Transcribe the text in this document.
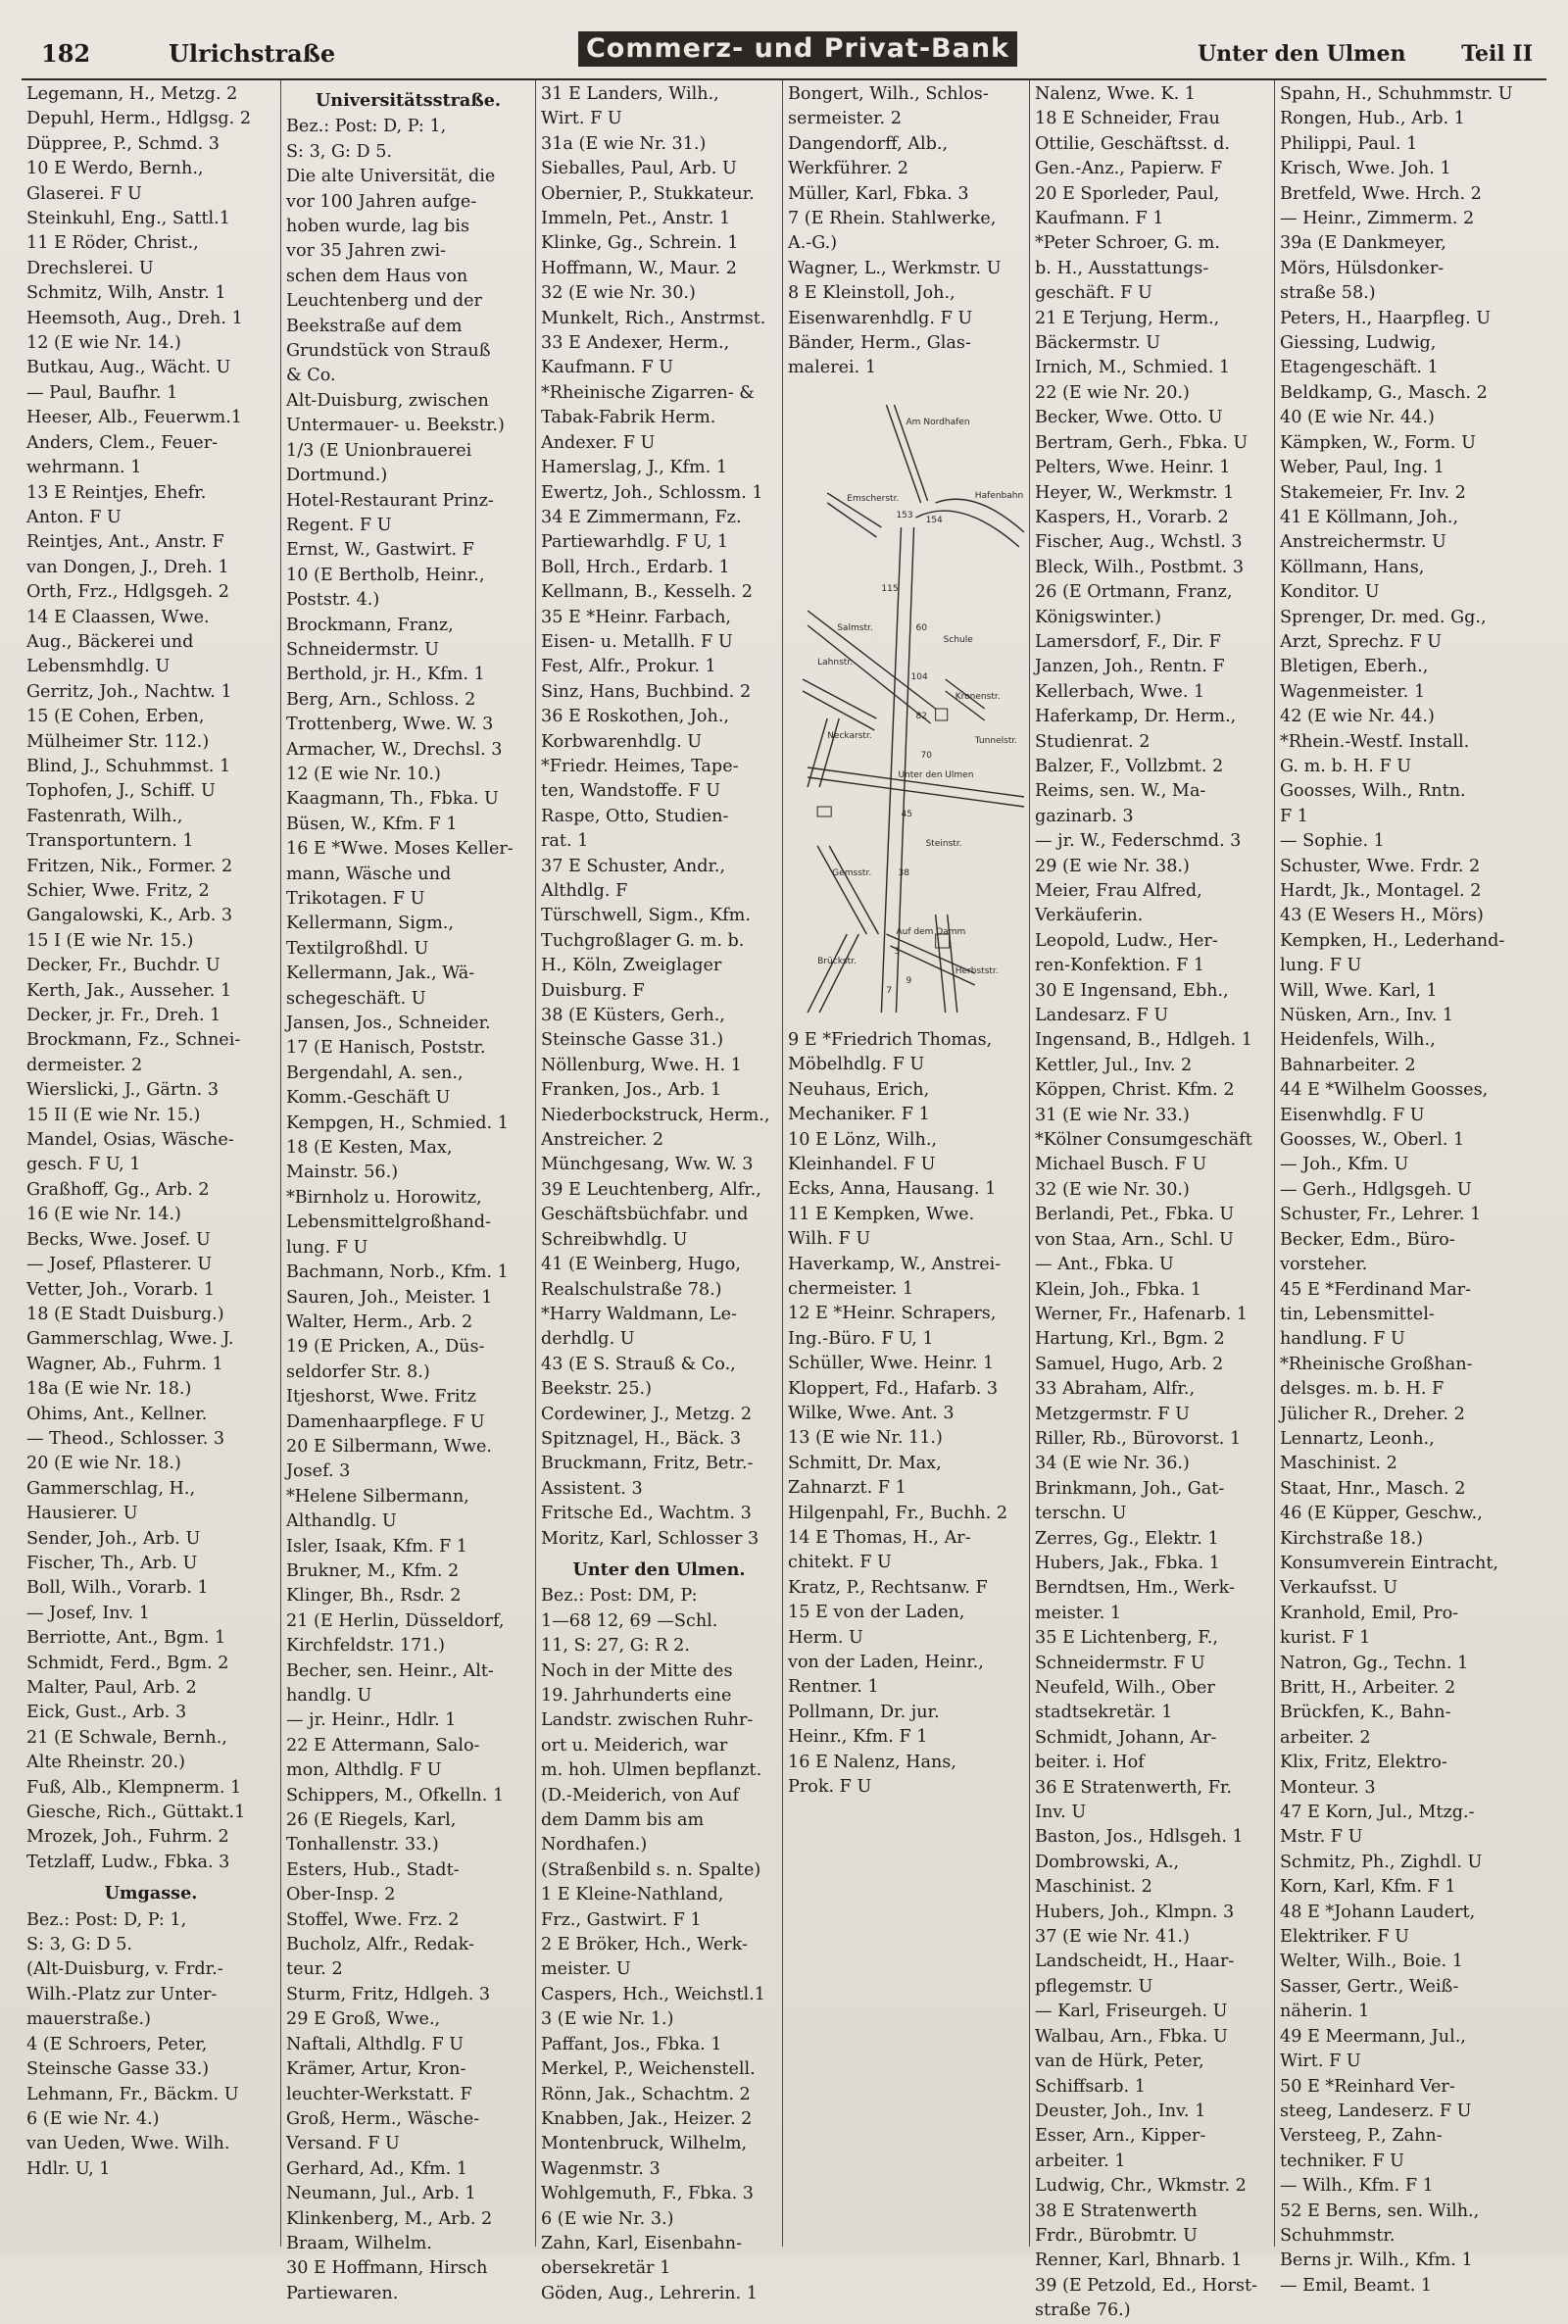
182	Ulrichstraße	Commerz- und Privat-Bank	Unter den Ulmen	Teil II
Legemann, H., Metzg. 2
Depuhl, Herm., Hdlgsg. 2
Düppree, P., Schmd. 3
10 E Werdo, Bernh.,
Glaserei. F U
Steinkuhl, Eng., Sattl.1
11 E Röder, Christ.,
Drechslerei. U
Schmitz, Wilh, Anstr. 1
Heemsoth, Aug., Dreh. 1
12 (E wie Nr. 14.)
Butkau, Aug., Wächt. U
— Paul, Baufhr. 1
Heeser, Alb., Feuerwm.1
Anders, Clem., Feuer-
wehrmann. 1
13 E Reintjes, Ehefr.
Anton. F U
Reintjes, Ant., Anstr. F
van Dongen, J., Dreh. 1
Orth, Frz., Hdlgsgeh. 2
14 E Claassen, Wwe.
Aug., Bäckerei und
Lebensmhdlg. U
Gerritz, Joh., Nachtw. 1
15 (E Cohen, Erben,
Mülheimer Str. 112.)
Blind, J., Schuhmmst. 1
Tophofen, J., Schiff. U
Fastenrath, Wilh.,
Transportuntern. 1
Fritzen, Nik., Former. 2
Schier, Wwe. Fritz, 2
Gangalowski, K., Arb. 3
15 I (E wie Nr. 15.)
Decker, Fr., Buchdr. U
Kerth, Jak., Ausseher. 1
Decker, jr. Fr., Dreh. 1
Brockmann, Fz., Schnei-
dermeister. 2
Wierslicki, J., Gärtn. 3
15 II (E wie Nr. 15.)
Mandel, Osias, Wäsche-
gesch. F U, 1
Graßhoff, Gg., Arb. 2
16 (E wie Nr. 14.)
Becks, Wwe. Josef. U
— Josef, Pflasterer. U
Vetter, Joh., Vorarb. 1
18 (E Stadt Duisburg.)
Gammerschlag, Wwe. J.
Wagner, Ab., Fuhrm. 1
18a (E wie Nr. 18.)
Ohims, Ant., Kellner.
— Theod., Schlosser. 3
20 (E wie Nr. 18.)
Gammerschlag, H.,
Hausierer. U
Sender, Joh., Arb. U
Fischer, Th., Arb. U
Boll, Wilh., Vorarb. 1
— Josef, Inv. 1
Berriotte, Ant., Bgm. 1
Schmidt, Ferd., Bgm. 2
Malter, Paul, Arb. 2
Eick, Gust., Arb. 3
21 (E Schwale, Bernh.,
Alte Rheinstr. 20.)
Fuß, Alb., Klempnerm. 1
Giesche, Rich., Güttakt.1
Mrozek, Joh., Fuhrm. 2
Tetzlaff, Ludw., Fbka. 3
Umgasse.
Bez.: Post: D, P: 1,
S: 3, G: D 5.
(Alt-Duisburg, v. Frdr.-
Wilh.-Platz zur Unter-
mauerstraße.)
4 (E Schroers, Peter,
Steinsche Gasse 33.)
Lehmann, Fr., Bäckm. U
6 (E wie Nr. 4.)
van Ueden, Wwe. Wilh.
Hdlr. U, 1
Universitätsstraße.
Bez.: Post: D, P: 1,
S: 3, G: D 5.
Die alte Universität, die
vor 100 Jahren aufge-
hoben wurde, lag bis
vor 35 Jahren zwi-
schen dem Haus von
Leuchtenberg und der
Beekstraße auf dem
Grundstück von Strauß
& Co.
Alt-Duisburg, zwischen
Untermauer- u. Beekstr.)
1/3 (E Unionbrauerei
Dortmund.)
Hotel-Restaurant Prinz-
Regent. F U
Ernst, W., Gastwirt. F
10 (E Bertholb, Heinr.,
Poststr. 4.)
Brockmann, Franz,
Schneidermstr. U
Berthold, jr. H., Kfm. 1
Berg, Arn., Schloss. 2
Trottenberg, Wwe. W. 3
Armacher, W., Drechsl. 3
12 (E wie Nr. 10.)
Kaagmann, Th., Fbka. U
Büsen, W., Kfm. F 1
16 E *Wwe. Moses Keller-
mann, Wäsche und
Trikotagen. F U
Kellermann, Sigm.,
Textilgroßhdl. U
Kellermann, Jak., Wä-
schegeschäft. U
Jansen, Jos., Schneider.
17 (E Hanisch, Poststr.
Bergendahl, A. sen.,
Komm.-Geschäft U
Kempgen, H., Schmied. 1
18 (E Kesten, Max,
Mainstr. 56.)
*Birnholz u. Horowitz,
Lebensmittelgroßhand-
lung. F U
Bachmann, Norb., Kfm. 1
Sauren, Joh., Meister. 1
Walter, Herm., Arb. 2
19 (E Pricken, A., Düs-
seldorfer Str. 8.)
Itjeshorst, Wwe. Fritz
Damenhaarpflege. F U
20 E Silbermann, Wwe.
Josef. 3
*Helene Silbermann,
Althandlg. U
Isler, Isaak, Kfm. F 1
Brukner, M., Kfm. 2
Klinger, Bh., Rsdr. 2
21 (E Herlin, Düsseldorf,
Kirchfeldstr. 171.)
Becher, sen. Heinr., Alt-
handlg. U
— jr. Heinr., Hdlr. 1
22 E Attermann, Salo-
mon, Althdlg. F U
Schippers, M., Ofkelln. 1
26 (E Riegels, Karl,
Tonhallenstr. 33.)
Esters, Hub., Stadt-
Ober-Insp. 2
Stoffel, Wwe. Frz. 2
Bucholz, Alfr., Redak-
teur. 2
Sturm, Fritz, Hdlgeh. 3
29 E Groß, Wwe.,
Naftali, Althdlg. F U
Krämer, Artur, Kron-
leuchter-Werkstatt. F
Groß, Herm., Wäsche-
Versand. F U
Gerhard, Ad., Kfm. 1
Neumann, Jul., Arb. 1
Klinkenberg, M., Arb. 2
Braam, Wilhelm.
30 E Hoffmann, Hirsch
Partiewaren.
31 E Landers, Wilh.,
Wirt. F U
31a (E wie Nr. 31.)
Sieballes, Paul, Arb. U
Obernier, P., Stukkateur.
Immeln, Pet., Anstr. 1
Klinke, Gg., Schrein. 1
Hoffmann, W., Maur. 2
32 (E wie Nr. 30.)
Munkelt, Rich., Anstrmst.
33 E Andexer, Herm.,
Kaufmann. F U
*Rheinische Zigarren- &
Tabak-Fabrik Herm.
Andexer. F U
Hamerslag, J., Kfm. 1
Ewertz, Joh., Schlossm. 1
34 E Zimmermann, Fz.
Partiewarhdlg. F U, 1
Boll, Hrch., Erdarb. 1
Kellmann, B., Kesselh. 2
35 E *Heinr. Farbach,
Eisen- u. Metallh. F U
Fest, Alfr., Prokur. 1
Sinz, Hans, Buchbind. 2
36 E Roskothen, Joh.,
Korbwarenhdlg. U
*Friedr. Heimes, Tape-
ten, Wandstoffe. F U
Raspe, Otto, Studien-
rat. 1
37 E Schuster, Andr.,
Althdlg. F
Türschwell, Sigm., Kfm.
Tuchgroßlager G. m. b.
H., Köln, Zweiglager
Duisburg. F
38 (E Küsters, Gerh.,
Steinsche Gasse 31.)
Nöllenburg, Wwe. H. 1
Franken, Jos., Arb. 1
Niederbockstruck, Herm.,
Anstreicher. 2
Münchgesang, Ww. W. 3
39 E Leuchtenberg, Alfr.,
Geschäftsbüchfabr. und
Schreibwhdlg. U
41 (E Weinberg, Hugo,
Realschulstraße 78.)
*Harry Waldmann, Le-
derhdlg. U
43 (E S. Strauß & Co.,
Beekstr. 25.)
Cordewiner, J., Metzg. 2
Spitznagel, H., Bäck. 3
Bruckmann, Fritz, Betr.-
Assistent. 3
Fritsche Ed., Wachtm. 3
Moritz, Karl, Schlosser 3
Unter den Ulmen.
Bez.: Post: DM, P:
1—68 12, 69 —Schl.
11, S: 27, G: R 2.
Noch in der Mitte des
19. Jahrhunderts eine
Landstr. zwischen Ruhr-
ort u. Meiderich, war
m. hoh. Ulmen bepflanzt.
(D.-Meiderich, von Auf
dem Damm bis am
Nordhafen.)
(Straßenbild s. n. Spalte)
1 E Kleine-Nathland,
Frz., Gastwirt. F 1
2 E Bröker, Hch., Werk-
meister. U
Caspers, Hch., Weichstl.1
3 (E wie Nr. 1.)
Paffant, Jos., Fbka. 1
Merkel, P., Weichenstell.
Rönn, Jak., Schachtm. 2
Knabben, Jak., Heizer. 2
Montenbruck, Wilhelm,
Wagenmstr. 3
Wohlgemuth, F., Fbka. 3
6 (E wie Nr. 3.)
Zahn, Karl, Eisenbahn-
obersekretär 1
Göden, Aug., Lehrerin. 1
Bongert, Wilh., Schlos-
sermeister. 2
Dangendorff, Alb.,
Werkführer. 2
Müller, Karl, Fbka. 3
7 (E Rhein. Stahlwerke,
A.-G.)
Wagner, L., Werkmstr. U
8 E Kleinstoll, Joh.,
Eisenwarenhdlg. F U
Bänder, Herm., Glas-
malerei. 1
Am Nordhafen
Hafenbahn
Emscherstr.
Salmstr.
Schule
Kronenstr.
Unter den Ulmen
Tunnelstr.
Lahnstr.
Neckarstr.
Steinstr.
Gemsstr.
Brückstr.
Auf dem Damm
Herbststr.
153
154
115
60
104
82
70
45
38
3
9
7
9 E *Friedrich Thomas,
Möbelhdlg. F U
Neuhaus, Erich,
Mechaniker. F 1
10 E Lönz, Wilh.,
Kleinhandel. F U
Ecks, Anna, Hausang. 1
11 E Kempken, Wwe.
Wilh. F U
Haverkamp, W., Anstrei-
chermeister. 1
12 E *Heinr. Schrapers,
Ing.-Büro. F U, 1
Schüller, Wwe. Heinr. 1
Kloppert, Fd., Hafarb. 3
Wilke, Wwe. Ant. 3
13 (E wie Nr. 11.)
Schmitt, Dr. Max,
Zahnarzt. F 1
Hilgenpahl, Fr., Buchh. 2
14 E Thomas, H., Ar-
chitekt. F U
Kratz, P., Rechtsanw. F
15 E von der Laden,
Herm. U
von der Laden, Heinr.,
Rentner. 1
Pollmann, Dr. jur.
Heinr., Kfm. F 1
16 E Nalenz, Hans,
Prok. F U
Nalenz, Wwe. K. 1
18 E Schneider, Frau
Ottilie, Geschäftsst. d.
Gen.-Anz., Papierw. F
20 E Sporleder, Paul,
Kaufmann. F 1
*Peter Schroer, G. m.
b. H., Ausstattungs-
geschäft. F U
21 E Terjung, Herm.,
Bäckermstr. U
Irnich, M., Schmied. 1
22 (E wie Nr. 20.)
Becker, Wwe. Otto. U
Bertram, Gerh., Fbka. U
Pelters, Wwe. Heinr. 1
Heyer, W., Werkmstr. 1
Kaspers, H., Vorarb. 2
Fischer, Aug., Wchstl. 3
Bleck, Wilh., Postbmt. 3
26 (E Ortmann, Franz,
Königswinter.)
Lamersdorf, F., Dir. F
Janzen, Joh., Rentn. F
Kellerbach, Wwe. 1
Haferkamp, Dr. Herm.,
Studienrat. 2
Balzer, F., Vollzbmt. 2
Reims, sen. W., Ma-
gazinarb. 3
— jr. W., Federschmd. 3
29 (E wie Nr. 38.)
Meier, Frau Alfred,
Verkäuferin.
Leopold, Ludw., Her-
ren-Konfektion. F 1
30 E Ingensand, Ebh.,
Landesarz. F U
Ingensand, B., Hdlgeh. 1
Kettler, Jul., Inv. 2
Köppen, Christ. Kfm. 2
31 (E wie Nr. 33.)
*Kölner Consumgeschäft
Michael Busch. F U
32 (E wie Nr. 30.)
Berlandi, Pet., Fbka. U
von Staa, Arn., Schl. U
— Ant., Fbka. U
Klein, Joh., Fbka. 1
Werner, Fr., Hafenarb. 1
Hartung, Krl., Bgm. 2
Samuel, Hugo, Arb. 2
33 Abraham, Alfr.,
Metzgermstr. F U
Riller, Rb., Bürovorst. 1
34 (E wie Nr. 36.)
Brinkmann, Joh., Gat-
terschn. U
Zerres, Gg., Elektr. 1
Hubers, Jak., Fbka. 1
Berndtsen, Hm., Werk-
meister. 1
35 E Lichtenberg, F.,
Schneidermstr. F U
Neufeld, Wilh., Ober
stadtsekretär. 1
Schmidt, Johann, Ar-
beiter. i. Hof
36 E Stratenwerth, Fr.
Inv. U
Baston, Jos., Hdlsgeh. 1
Dombrowski, A.,
Maschinist. 2
Hubers, Joh., Klmpn. 3
37 (E wie Nr. 41.)
Landscheidt, H., Haar-
pflegemstr. U
— Karl, Friseurgeh. U
Walbau, Arn., Fbka. U
van de Hürk, Peter,
Schiffsarb. 1
Deuster, Joh., Inv. 1
Esser, Arn., Kipper-
arbeiter. 1
Ludwig, Chr., Wkmstr. 2
38 E Stratenwerth
Frdr., Bürobmtr. U
Renner, Karl, Bhnarb. 1
39 (E Petzold, Ed., Horst-
straße 76.)
Spahn, H., Schuhmmstr. U
Rongen, Hub., Arb. 1
Philippi, Paul. 1
Krisch, Wwe. Joh. 1
Bretfeld, Wwe. Hrch. 2
— Heinr., Zimmerm. 2
39a (E Dankmeyer,
Mörs, Hülsdonker-
straße 58.)
Peters, H., Haarpfleg. U
Giessing, Ludwig,
Etagengeschäft. 1
Beldkamp, G., Masch. 2
40 (E wie Nr. 44.)
Kämpken, W., Form. U
Weber, Paul, Ing. 1
Stakemeier, Fr. Inv. 2
41 E Köllmann, Joh.,
Anstreichermstr. U
Köllmann, Hans,
Konditor. U
Sprenger, Dr. med. Gg.,
Arzt, Sprechz. F U
Bletigen, Eberh.,
Wagenmeister. 1
42 (E wie Nr. 44.)
*Rhein.-Westf. Install.
G. m. b. H. F U
Goosses, Wilh., Rntn.
F 1
— Sophie. 1
Schuster, Wwe. Frdr. 2
Hardt, Jk., Montagel. 2
43 (E Wesers H., Mörs)
Kempken, H., Lederhand-
lung. F U
Will, Wwe. Karl, 1
Nüsken, Arn., Inv. 1
Heidenfels, Wilh.,
Bahnarbeiter. 2
44 E *Wilhelm Goosses,
Eisenwhdlg. F U
Goosses, W., Oberl. 1
— Joh., Kfm. U
— Gerh., Hdlgsgeh. U
Schuster, Fr., Lehrer. 1
Becker, Edm., Büro-
vorsteher.
45 E *Ferdinand Mar-
tin, Lebensmittel-
handlung. F U
*Rheinische Großhan-
delsges. m. b. H. F
Jülicher R., Dreher. 2
Lennartz, Leonh.,
Maschinist. 2
Staat, Hnr., Masch. 2
46 (E Küpper, Geschw.,
Kirchstraße 18.)
Konsumverein Eintracht,
Verkaufsst. U
Kranhold, Emil, Pro-
kurist. F 1
Natron, Gg., Techn. 1
Britt, H., Arbeiter. 2
Brückfen, K., Bahn-
arbeiter. 2
Klix, Fritz, Elektro-
Monteur. 3
47 E Korn, Jul., Mtzg.-
Mstr. F U
Schmitz, Ph., Zighdl. U
Korn, Karl, Kfm. F 1
48 E *Johann Laudert,
Elektriker. F U
Welter, Wilh., Boie. 1
Sasser, Gertr., Weiß-
näherin. 1
49 E Meermann, Jul.,
Wirt. F U
50 E *Reinhard Ver-
steeg, Landeserz. F U
Versteeg, P., Zahn-
techniker. F U
— Wilh., Kfm. F 1
52 E Berns, sen. Wilh.,
Schuhmmstr.
Berns jr. Wilh., Kfm. 1
— Emil, Beamt. 1
